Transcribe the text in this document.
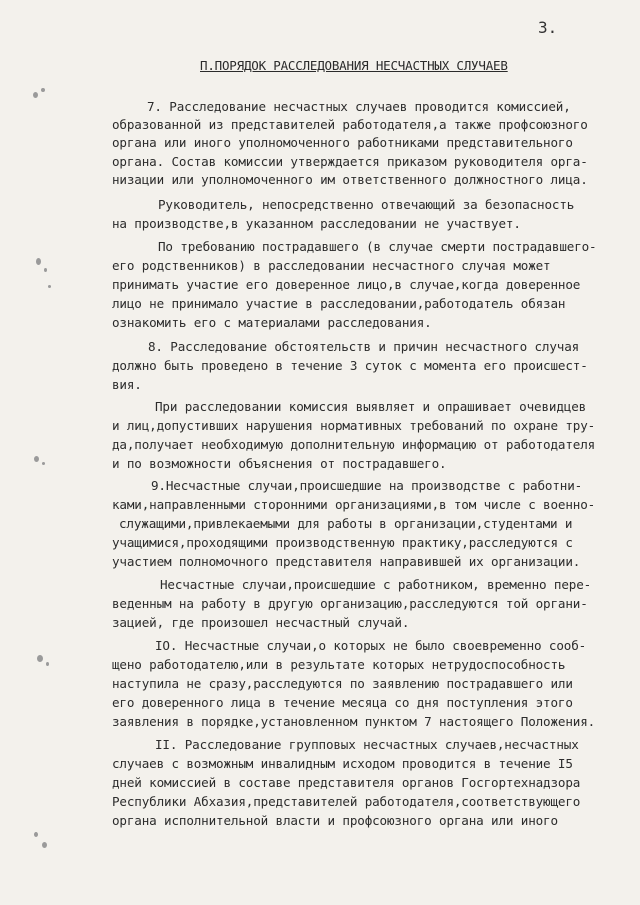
3.
П.ПОРЯДОК РАССЛЕДОВАНИЯ НЕСЧАСТНЫХ СЛУЧАЕВ
7. Расследование несчастных случаев проводится комиссией,
образованной из представителей работодателя,а также профсоюзного
органа или иного уполномоченного работниками представительного
органа. Состав комиссии утверждается приказом руководителя орга-
низации или уполномоченного им ответственного должностного лица.
Руководитель, непосредственно отвечающий за безопасность
на производстве,в указанном расследовании не участвует.
По требованию пострадавшего (в случае смерти пострадавшего-
его родственников) в расследовании несчастного случая может
принимать участие его доверенное лицо,в случае,когда доверенное
лицо не принимало участие в расследовании,работодатель обязан
ознакомить его с материалами расследования.
8. Расследование обстоятельств и причин несчастного случая
должно быть проведено в течение 3 суток с момента его происшест-
вия.
При расследовании комиссия выявляет и опрашивает очевидцев
и лиц,допустивших нарушения нормативных требований по охране тру-
да,получает необходимую дополнительную информацию от работодателя
и по возможности объяснения от пострадавшего.
9.Несчастные случаи,происшедшие на производстве с работни-
ками,направленными сторонними организациями,в том числе с военно-
служащими,привлекаемыми для работы в организации,студентами и
учащимися,проходящими производственную практику,расследуются с
участием полномочного представителя направившей их организации.
Несчастные случаи,происшедшие с работником, временно пере-
веденным на работу в другую организацию,расследуются той органи-
зацией, где произошел несчастный случай.
IO. Несчастные случаи,о которых не было своевременно сооб-
щено работодателю,или в результате которых нетрудоспособность
наступила не сразу,расследуются по заявлению пострадавшего или
его доверенного лица в течение месяца со дня поступления этого
заявления в порядке,установленном пунктом 7 настоящего Положения.
II. Расследование групповых несчастных случаев,несчастных
случаев с возможным инвалидным исходом проводится в течение I5
дней комиссией в составе представителя органов Госгортехнадзора
Республики Абхазия,представителей работодателя,соответствующего
органа исполнительной власти и профсоюзного органа или иного
